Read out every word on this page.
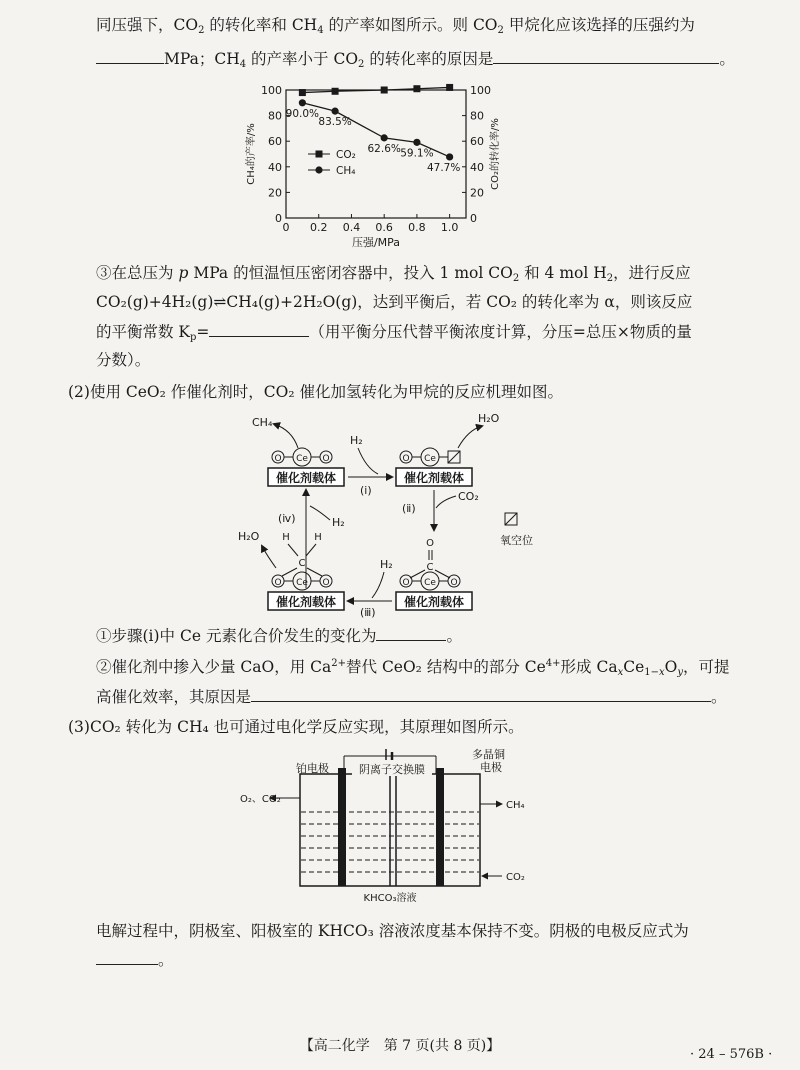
同压强下，$CO_2$ 的转化率和 $CH_4$ 的产率如图所示。则 $CO_2$ 甲烷化应该选择的压强约为
MPa；$CH_4$ 的产率小于 $CO_2$ 的转化率的原因是	。
0 0.2 0.4 0.6 0.8 1.0
0	0
20	20
40	40
60	60
80	80
100	100
压强/MPa
CH₄的产率/%	CO₂的转化率/%
90.0%
83.5%
62.6% 59.1%
47.7%
CO₂
CH₄
③在总压为 p MPa 的恒温恒压密闭容器中，投入 1 mol $CO_2$ 和 4 mol $H_2$，进行反应
CO₂(g)+4H₂(g)⇌CH₄(g)+2H₂O(g)，达到平衡后，若 CO₂ 的转化率为 α，则该反应
的平衡常数 $K_p=$	（用平衡分压代替平衡浓度计算，分压=总压×物质的量
分数）。
(2)使用 CeO₂ 作催化剂时，CO₂ 催化加氢转化为甲烷的反应机理如图。
催化剂载体
O Ce O
CH₄
H₂
(ⅰ)
催化剂载体
O Ce
H₂O
(ⅱ)
CO₂
氧空位
O
C
催化剂载体
O Ce O
(ⅲ)
H₂
H H
C
催化剂载体
O Ce O
H₂O
(ⅳ)	H₂
①步骤(ⅰ)中 Ce 元素化合价发生的变化为	。
②催化剂中掺入少量 CaO，用 $Ca^{2+}$替代 CeO₂ 结构中的部分 $Ce^{4+}$形成 $Ca_xCe_{1-x}O_y$，可提
高催化效率，其原因是	。
(3)CO₂ 转化为 CH₄ 也可通过电化学反应实现，其原理如图所示。
铂电极	阴离子交换膜
多晶铜
电极
O₂、CO₂
CH₄
CO₂
KHCO₃溶液
电解过程中，阴极室、阳极室的 KHCO₃ 溶液浓度基本保持不变。阴极的电极反应式为
。
【高二化学　第 7 页(共 8 页)】
· 24 – 576B ·
